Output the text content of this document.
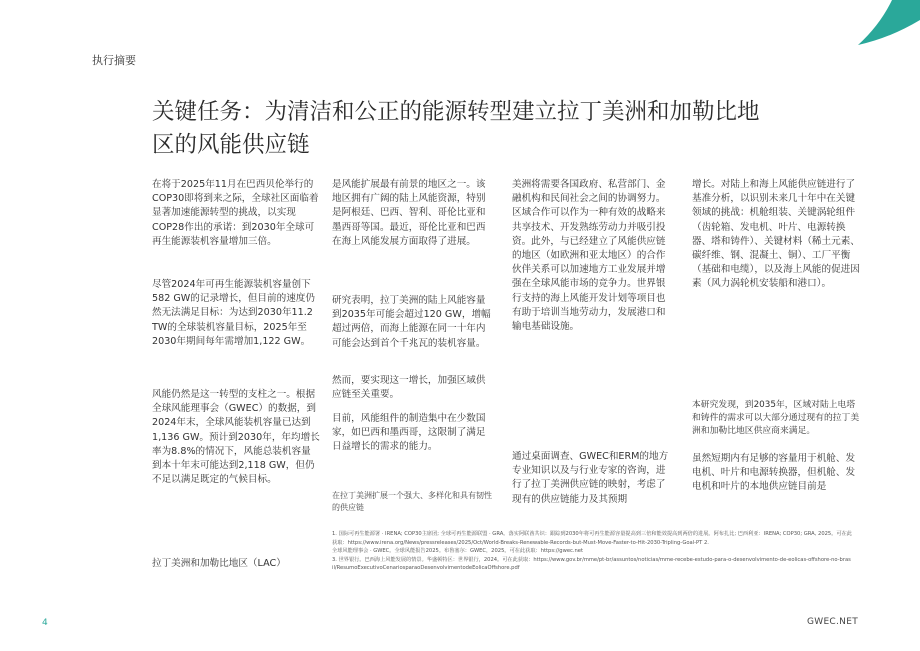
执行摘要
关键任务：为清洁和公正的能源转型建立拉丁美洲和加勒比地
区的风能供应链

在将于2025年11月在巴西贝伦举行的COP30即将到来之际，全球社区面临着显著加速能源转型的挑战，以实现COP28作出的承诺：到2030年全球可再生能源装机容量增加三倍。

尽管2024年可再生能源装机容量创下582 GW的记录增长，但目前的速度仍然无法满足目标：为达到2030年11.2 TW的全球装机容量目标，2025年至2030年期间每年需增加1,122 GW。

风能仍然是这一转型的支柱之一。根据全球风能理事会（GWEC）的数据，到2024年末，全球风能装机容量已达到1,136 GW。预计到2030年，年均增长率为8.8%的情况下，风能总装机容量到本十年末可能达到2,118 GW，但仍不足以满足既定的气候目标。

拉丁美洲和加勒比地区（LAC）

是风能扩展最有前景的地区之一。该地区拥有广阔的陆上风能资源，特别是阿根廷、巴西、智利、哥伦比亚和墨西哥等国。最近，哥伦比亚和巴西在海上风能发展方面取得了进展。

研究表明，拉丁美洲的陆上风能容量到2035年可能会超过120 GW，增幅超过两倍，而海上能源在同一十年内可能会达到首个千兆瓦的装机容量。

然而，要实现这一增长，加强区域供应链至关重要。

目前，风能组件的制造集中在少数国家，如巴西和墨西哥，这限制了满足日益增长的需求的能力。

在拉丁美洲扩展一个强大、多样化和具有韧性的供应链

美洲将需要各国政府、私营部门、金融机构和民间社会之间的协调努力。区域合作可以作为一种有效的战略来共享技术、开发熟练劳动力并吸引投资。此外，与已经建立了风能供应链的地区（如欧洲和亚太地区）的合作伙伴关系可以加速地方工业发展并增强在全球风能市场的竞争力。世界银行支持的海上风能开发计划等项目也有助于培训当地劳动力，发展港口和输电基础设施。

通过桌面调查、GWEC和ERM的地方专业知识以及与行业专家的咨询，进行了拉丁美洲供应链的映射，考虑了现有的供应链能力及其预期

增长。对陆上和海上风能供应链进行了基准分析，以识别未来几十年中在关键领域的挑战：机舱组装、关键涡轮组件（齿轮箱、发电机、叶片、电源转换器、塔和铸件）、关键材料（稀土元素、碳纤维、钢、混凝土、铜）、工厂平衡（基础和电缆），以及海上风能的促进因素（风力涡轮机安装船和港口）。

本研究发现，到2035年，区域对陆上电塔和铸件的需求可以大部分通过现有的拉丁美洲和加勒比地区供应商来满足。

虽然短期内有足够的容量用于机舱、发电机、叶片和电源转换器，但机舱、发电机和叶片的本地供应链目前是

1. 国际可再生能源署 · IRENA; COP30主席团; 全球可再生能源联盟 · GRA。落实阿联酋共识：跟踪到2030年将可再生能源容量提高到三倍和能效提高到两倍的进展。阿布扎比; 巴西利亚：IRENA; COP30; GRA, 2025。可在此获取：https://www.irena.org/News/pressreleases/2025/Oct/World-Breaks-Renewable-Records-but-Must-Move-Faster-to-Hit-2030-Tripling-Goal-PT 2.

全球风能理事会 · GWEC。全球风能报告2025。布鲁塞尔：GWEC，2025。可在此获取：https://gwec.net

3. 世界银行。巴西海上风能发展的情景。华盛顿特区：世界银行，2024。可在此获取：https://www.gov.br/mme/pt-br/assuntos/noticias/mme-recebe-estudo-para-o-desenvolvimento-de-eolicas-offshore-no-brasil/ResumoExecutivoCenariosparaoDesenvolvimentodeEolicaOffshore.pdf

4	GWEC.NET
